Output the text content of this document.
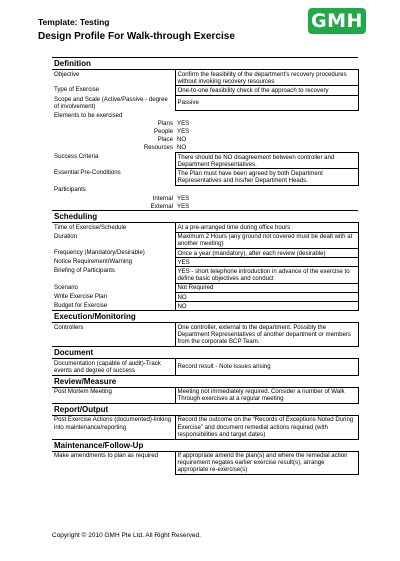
Template: Testing	GMH
Design Profile For Walk-through Exercise
Definition	
Objective	Confirm the feasibility of the department's recovery procedures without invoking recovery resources
Type of Exercise	One-to-one feasibility check of the approach to recovery
Scope and Scale (Active/Passive - degree of involvement)	Passive
Elements to be exercised	
Plans	YES
People	YES
Place	NO
Resources	NO
Success Criteria	There should be NO disagreement between controller and Department Representatives.
Essential Pre-Conditions	The Plan must have been agreed by both Department Representatives and his/her Department Heads.
Participants	
Internal	YES
External	YES
Scheduling	
Time of Exercise/Schedule	At a pre-arranged time during office hours
Duration	Maximum 2 Hours (any ground not covered must be dealt with at another meeting)
Frequency (Mandatory/Desirable)	Once a year (mandatory), after each review (desirable)
Notice Requirement/Warning	YES
Briefing of Participants	YES - short telephone introduction in advance of the exercise to define basic objectives and conduct
Scenario	Not Required
Write Exercise Plan	NO
Budget for Exercise	NO
Execution/Monitoring	
Controllers	One controller, external to the department. Possibly the Department Representatives of another department or members from the corporate BCP Team.
Document	
Documentation (capable of audit)-Track events and degree of success	Record result - Note issues arising
Review/Measure	
Post Mortem Meeting	Meeting not immediately required. Consider a number of Walk Through exercises at a regular meeting
Report/Output	
Post Exercise Actions (documented)-linking into maintenance/reporting	Record the outcome on the “Records of Exceptions Noted During Exercise” and document remedial actions required (with responsibilities and target dates)
Maintenance/Follow-Up	
Make amendments to plan as required	If appropriate amend the plan(s) and where the remedial action requirement negates earlier exercise result(s), arrange appropriate re-exercise(s)
Copyright © 2010 GMH Pte Ltd. All Right Reserved.
